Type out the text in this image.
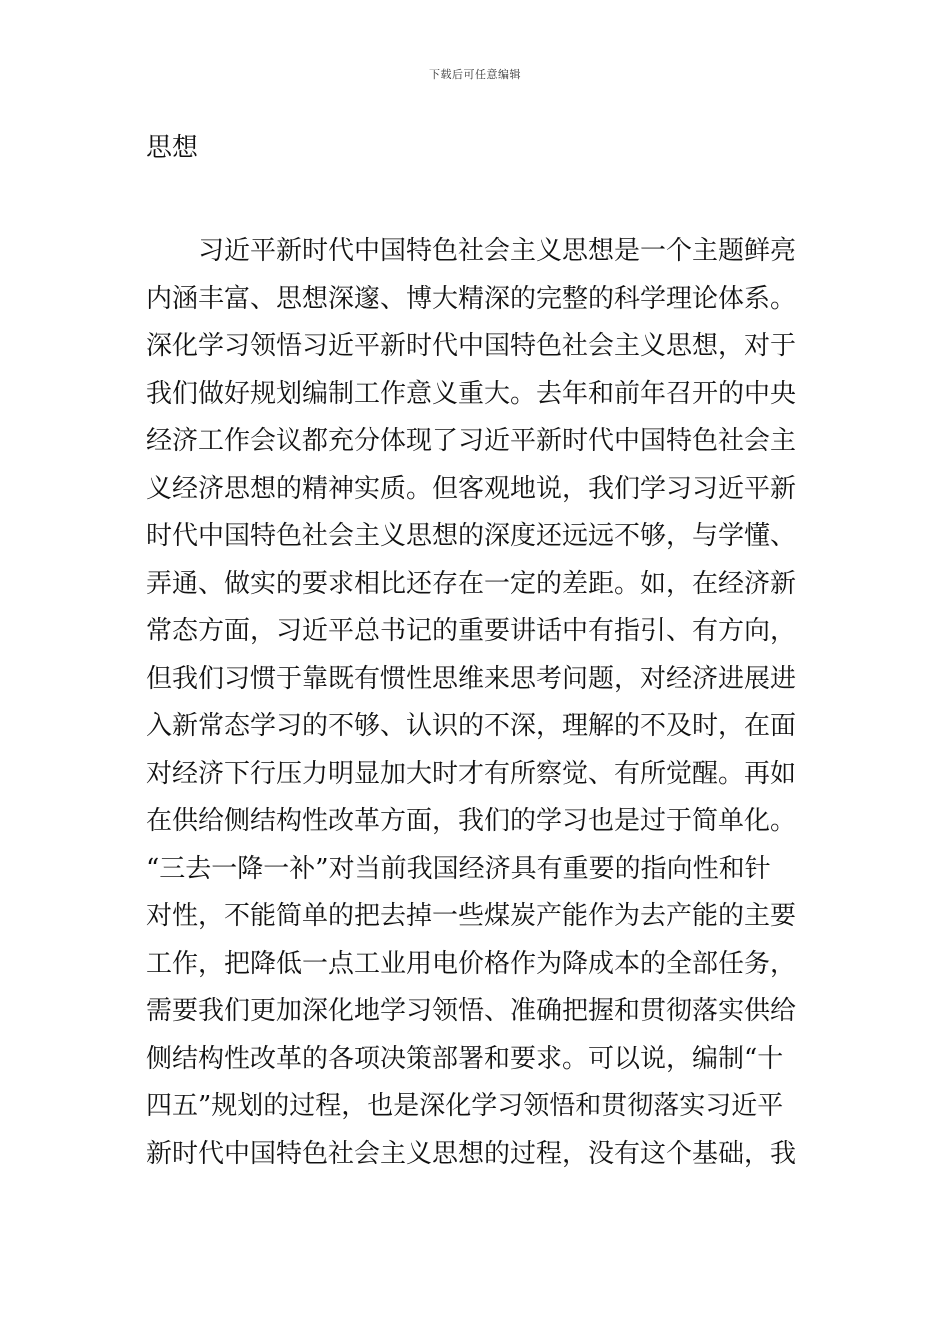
下载后可任意编辑
思想
习近平新时代中国特色社会主义思想是一个主题鲜亮
内涵丰富、思想深邃、博大精深的完整的科学理论体系。
深化学习领悟习近平新时代中国特色社会主义思想，对于
我们做好规划编制工作意义重大。去年和前年召开的中央
经济工作会议都充分体现了习近平新时代中国特色社会主
义经济思想的精神实质。但客观地说，我们学习习近平新
时代中国特色社会主义思想的深度还远远不够，与学懂、
弄通、做实的要求相比还存在一定的差距。如，在经济新
常态方面，习近平总书记的重要讲话中有指引、有方向，
但我们习惯于靠既有惯性思维来思考问题，对经济进展进
入新常态学习的不够、认识的不深，理解的不及时，在面
对经济下行压力明显加大时才有所察觉、有所觉醒。再如
在供给侧结构性改革方面，我们的学习也是过于简单化。
“三去一降一补”对当前我国经济具有重要的指向性和针
对性，不能简单的把去掉一些煤炭产能作为去产能的主要
工作，把降低一点工业用电价格作为降成本的全部任务，
需要我们更加深化地学习领悟、准确把握和贯彻落实供给
侧结构性改革的各项决策部署和要求。可以说，编制“十
四五”规划的过程，也是深化学习领悟和贯彻落实习近平
新时代中国特色社会主义思想的过程，没有这个基础，我
